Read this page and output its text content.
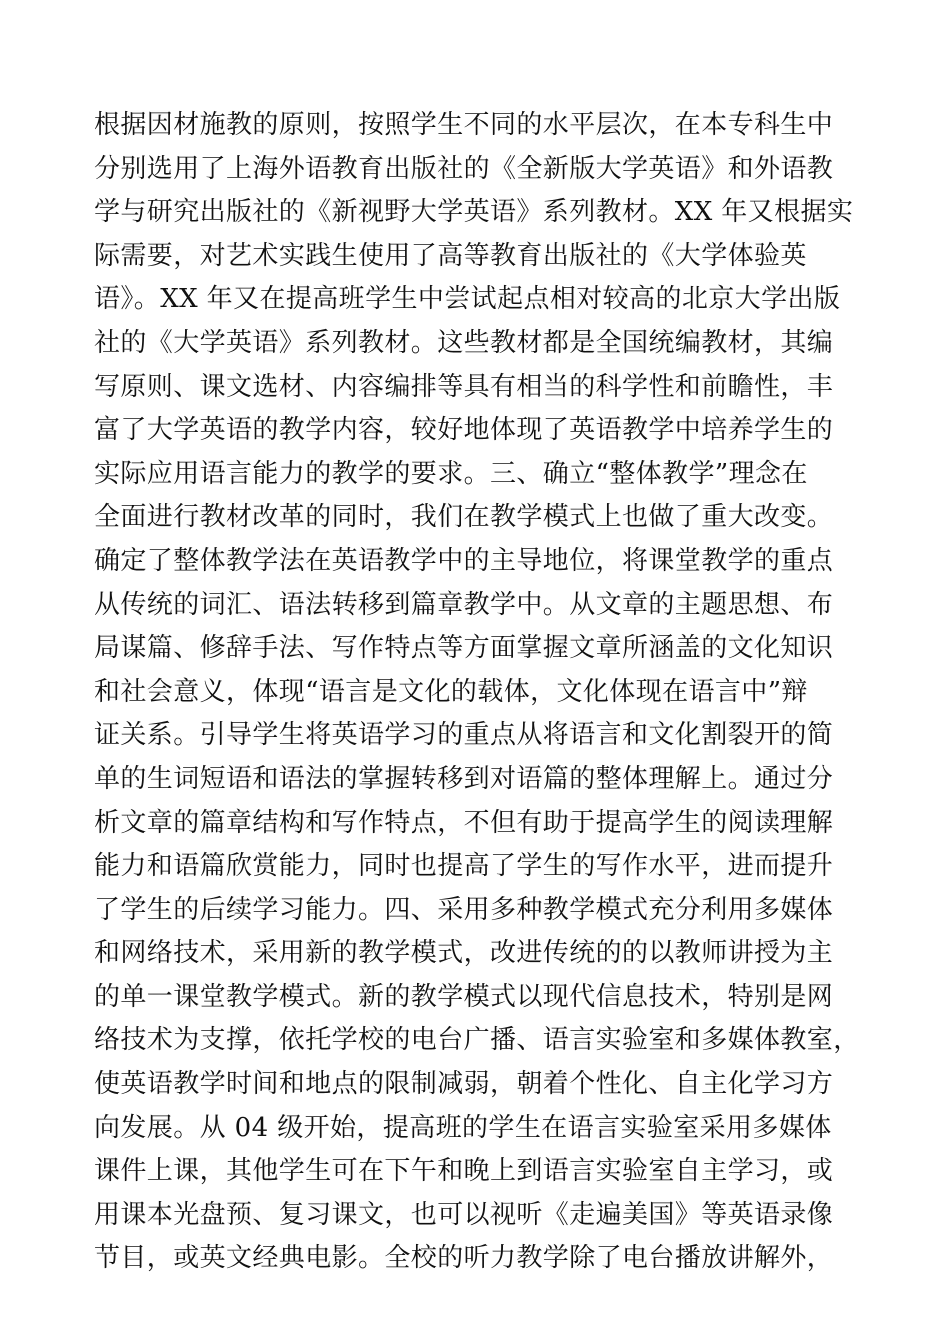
根据因材施教的原则，按照学生不同的水平层次，在本专科生中
分别选用了上海外语教育出版社的《全新版大学英语》和外语教
学与研究出版社的《新视野大学英语》系列教材。XX 年又根据实
际需要，对艺术实践生使用了高等教育出版社的《大学体验英
语》。XX 年又在提高班学生中尝试起点相对较高的北京大学出版
社的《大学英语》系列教材。这些教材都是全国统编教材，其编
写原则、课文选材、内容编排等具有相当的科学性和前瞻性，丰
富了大学英语的教学内容，较好地体现了英语教学中培养学生的
实际应用语言能力的教学的要求。三、确立“整体教学”理念在
全面进行教材改革的同时，我们在教学模式上也做了重大改变。
确定了整体教学法在英语教学中的主导地位，将课堂教学的重点
从传统的词汇、语法转移到篇章教学中。从文章的主题思想、布
局谋篇、修辞手法、写作特点等方面掌握文章所涵盖的文化知识
和社会意义，体现“语言是文化的载体，文化体现在语言中”辩
证关系。引导学生将英语学习的重点从将语言和文化割裂开的简
单的生词短语和语法的掌握转移到对语篇的整体理解上。通过分
析文章的篇章结构和写作特点，不但有助于提高学生的阅读理解
能力和语篇欣赏能力，同时也提高了学生的写作水平，进而提升
了学生的后续学习能力。四、采用多种教学模式充分利用多媒体
和网络技术，采用新的教学模式，改进传统的的以教师讲授为主
的单一课堂教学模式。新的教学模式以现代信息技术，特别是网
络技术为支撑，依托学校的电台广播、语言实验室和多媒体教室，
使英语教学时间和地点的限制减弱，朝着个性化、自主化学习方
向发展。从 04 级开始，提高班的学生在语言实验室采用多媒体
课件上课，其他学生可在下午和晚上到语言实验室自主学习，或
用课本光盘预、复习课文，也可以视听《走遍美国》等英语录像
节目，或英文经典电影。全校的听力教学除了电台播放讲解外，
